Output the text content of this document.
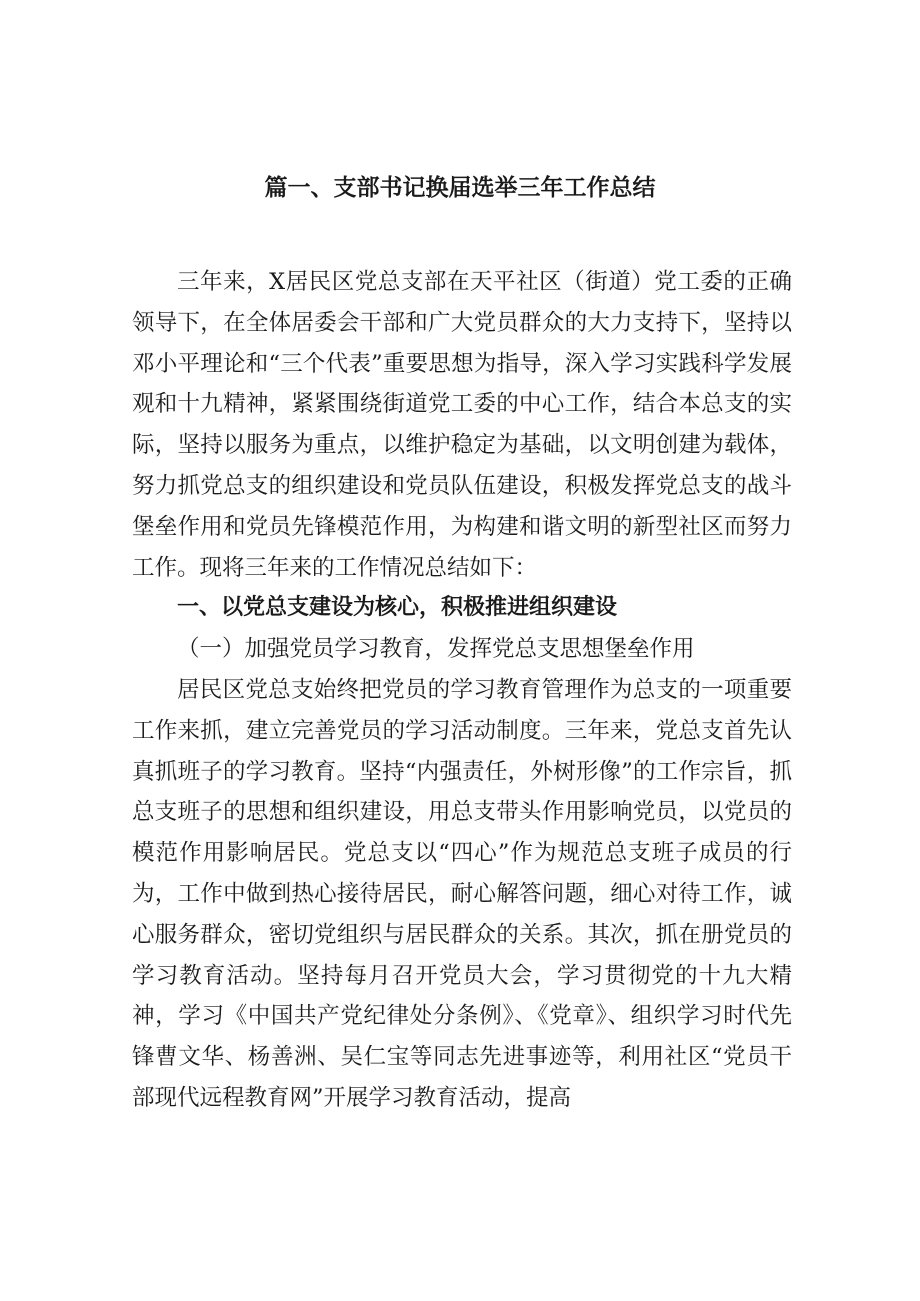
篇一、支部书记换届选举三年工作总结

三年来，X居民区党总支部在天平社区（街道）党工委的正确领导下，在全体居委会干部和广大党员群众的大力支持下，坚持以邓小平理论和“三个代表”重要思想为指导，深入学习实践科学发展观和十九精神，紧紧围绕街道党工委的中心工作，结合本总支的实际，坚持以服务为重点，以维护稳定为基础，以文明创建为载体，努力抓党总支的组织建设和党员队伍建设，积极发挥党总支的战斗堡垒作用和党员先锋模范作用，为构建和谐文明的新型社区而努力工作。现将三年来的工作情况总结如下：

一、以党总支建设为核心，积极推进组织建设

（一）加强党员学习教育，发挥党总支思想堡垒作用

居民区党总支始终把党员的学习教育管理作为总支的一项重要工作来抓，建立完善党员的学习活动制度。三年来，党总支首先认真抓班子的学习教育。坚持“内强责任，外树形像”的工作宗旨，抓总支班子的思想和组织建设，用总支带头作用影响党员，以党员的模范作用影响居民。党总支以“四心”作为规范总支班子成员的行为，工作中做到热心接待居民，耐心解答问题，细心对待工作，诚心服务群众，密切党组织与居民群众的关系。其次，抓在册党员的学习教育活动。坚持每月召开党员大会，学习贯彻党的十九大精神，学习《中国共产党纪律处分条例》、《党章》、组织学习时代先锋曹文华、杨善洲、吴仁宝等同志先进事迹等，利用社区“党员干部现代远程教育网”开展学习教育活动，提高
